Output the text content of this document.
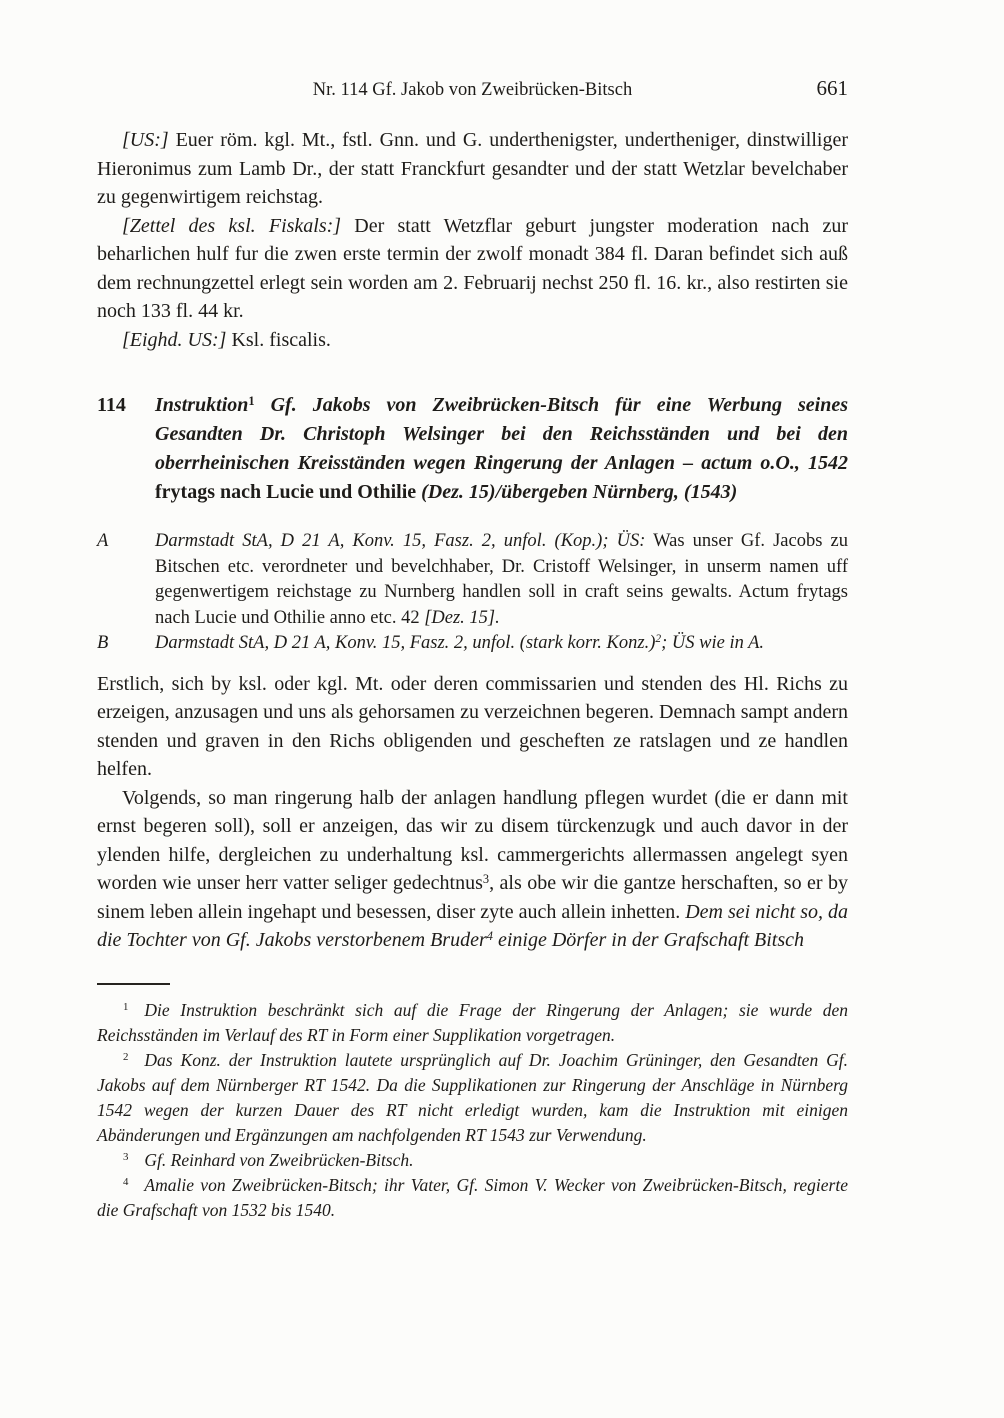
Nr. 114 Gf. Jakob von Zweibrücken-Bitsch	661

[US:] Euer röm. kgl. Mt., fstl. Gnn. und G. underthenigster, undertheniger, dinstwilliger Hieronimus zum Lamb Dr., der statt Franckfurt gesandter und der statt Wetzlar bevelchaber zu gegenwirtigem reichstag.

[Zettel des ksl. Fiskals:] Der statt Wetzflar geburt jungster moderation nach zur beharlichen hulf fur die zwen erste termin der zwolf monadt 384 fl. Daran befindet sich auß dem rechnungzettel erlegt sein worden am 2. Februarij nechst 250 fl. 16. kr., also restirten sie noch 133 fl. 44 kr.

[Eighd. US:] Ksl. fiscalis.

114 Instruktion$^1$ Gf. Jakobs von Zweibrücken-Bitsch für eine Werbung seines Gesandten Dr. Christoph Welsinger bei den Reichsständen und bei den oberrheinischen Kreisständen wegen Ringerung der Anlagen – actum o.O., 1542 frytags nach Lucie und Othilie (Dez. 15)/übergeben Nürnberg, (1543)

A	Darmstadt StA, D 21 A, Konv. 15, Fasz. 2, unfol. (Kop.); ÜS: Was unser Gf. Jacobs zu Bitschen etc. verordneter und bevelchhaber, Dr. Cristoff Welsinger, in unserm namen uff gegenwertigem reichstage zu Nurnberg handlen soll in craft seins gewalts. Actum frytags nach Lucie und Othilie anno etc. 42 [Dez. 15].

B	Darmstadt StA, D 21 A, Konv. 15, Fasz. 2, unfol. (stark korr. Konz.)$^2$; ÜS wie in A.

Erstlich, sich by ksl. oder kgl. Mt. oder deren commissarien und stenden des Hl. Richs zu erzeigen, anzusagen und uns als gehorsamen zu verzeichnen begeren. Demnach sampt andern stenden und graven in den Richs obligenden und gescheften ze ratslagen und ze handlen helfen.

Volgends, so man ringerung halb der anlagen handlung pflegen wurdet (die er dann mit ernst begeren soll), soll er anzeigen, das wir zu disem türckenzugk und auch davor in der ylenden hilfe, dergleichen zu underhaltung ksl. cammergerichts allermassen angelegt syen worden wie unser herr vatter seliger gedechtnus$^3$, als obe wir die gantze herschaften, so er by sinem leben allein ingehapt und besessen, diser zyte auch allein inhetten. Dem sei nicht so, da die Tochter von Gf. Jakobs verstorbenem Bruder$^4$ einige Dörfer in der Grafschaft Bitsch

$^1$ Die Instruktion beschränkt sich auf die Frage der Ringerung der Anlagen; sie wurde den Reichsständen im Verlauf des RT in Form einer Supplikation vorgetragen.

$^2$ Das Konz. der Instruktion lautete ursprünglich auf Dr. Joachim Grüninger, den Gesandten Gf. Jakobs auf dem Nürnberger RT 1542. Da die Supplikationen zur Ringerung der Anschläge in Nürnberg 1542 wegen der kurzen Dauer des RT nicht erledigt wurden, kam die Instruktion mit einigen Abänderungen und Ergänzungen am nachfolgenden RT 1543 zur Verwendung.

$^3$ Gf. Reinhard von Zweibrücken-Bitsch.

$^4$ Amalie von Zweibrücken-Bitsch; ihr Vater, Gf. Simon V. Wecker von Zweibrücken-Bitsch, regierte die Grafschaft von 1532 bis 1540.
